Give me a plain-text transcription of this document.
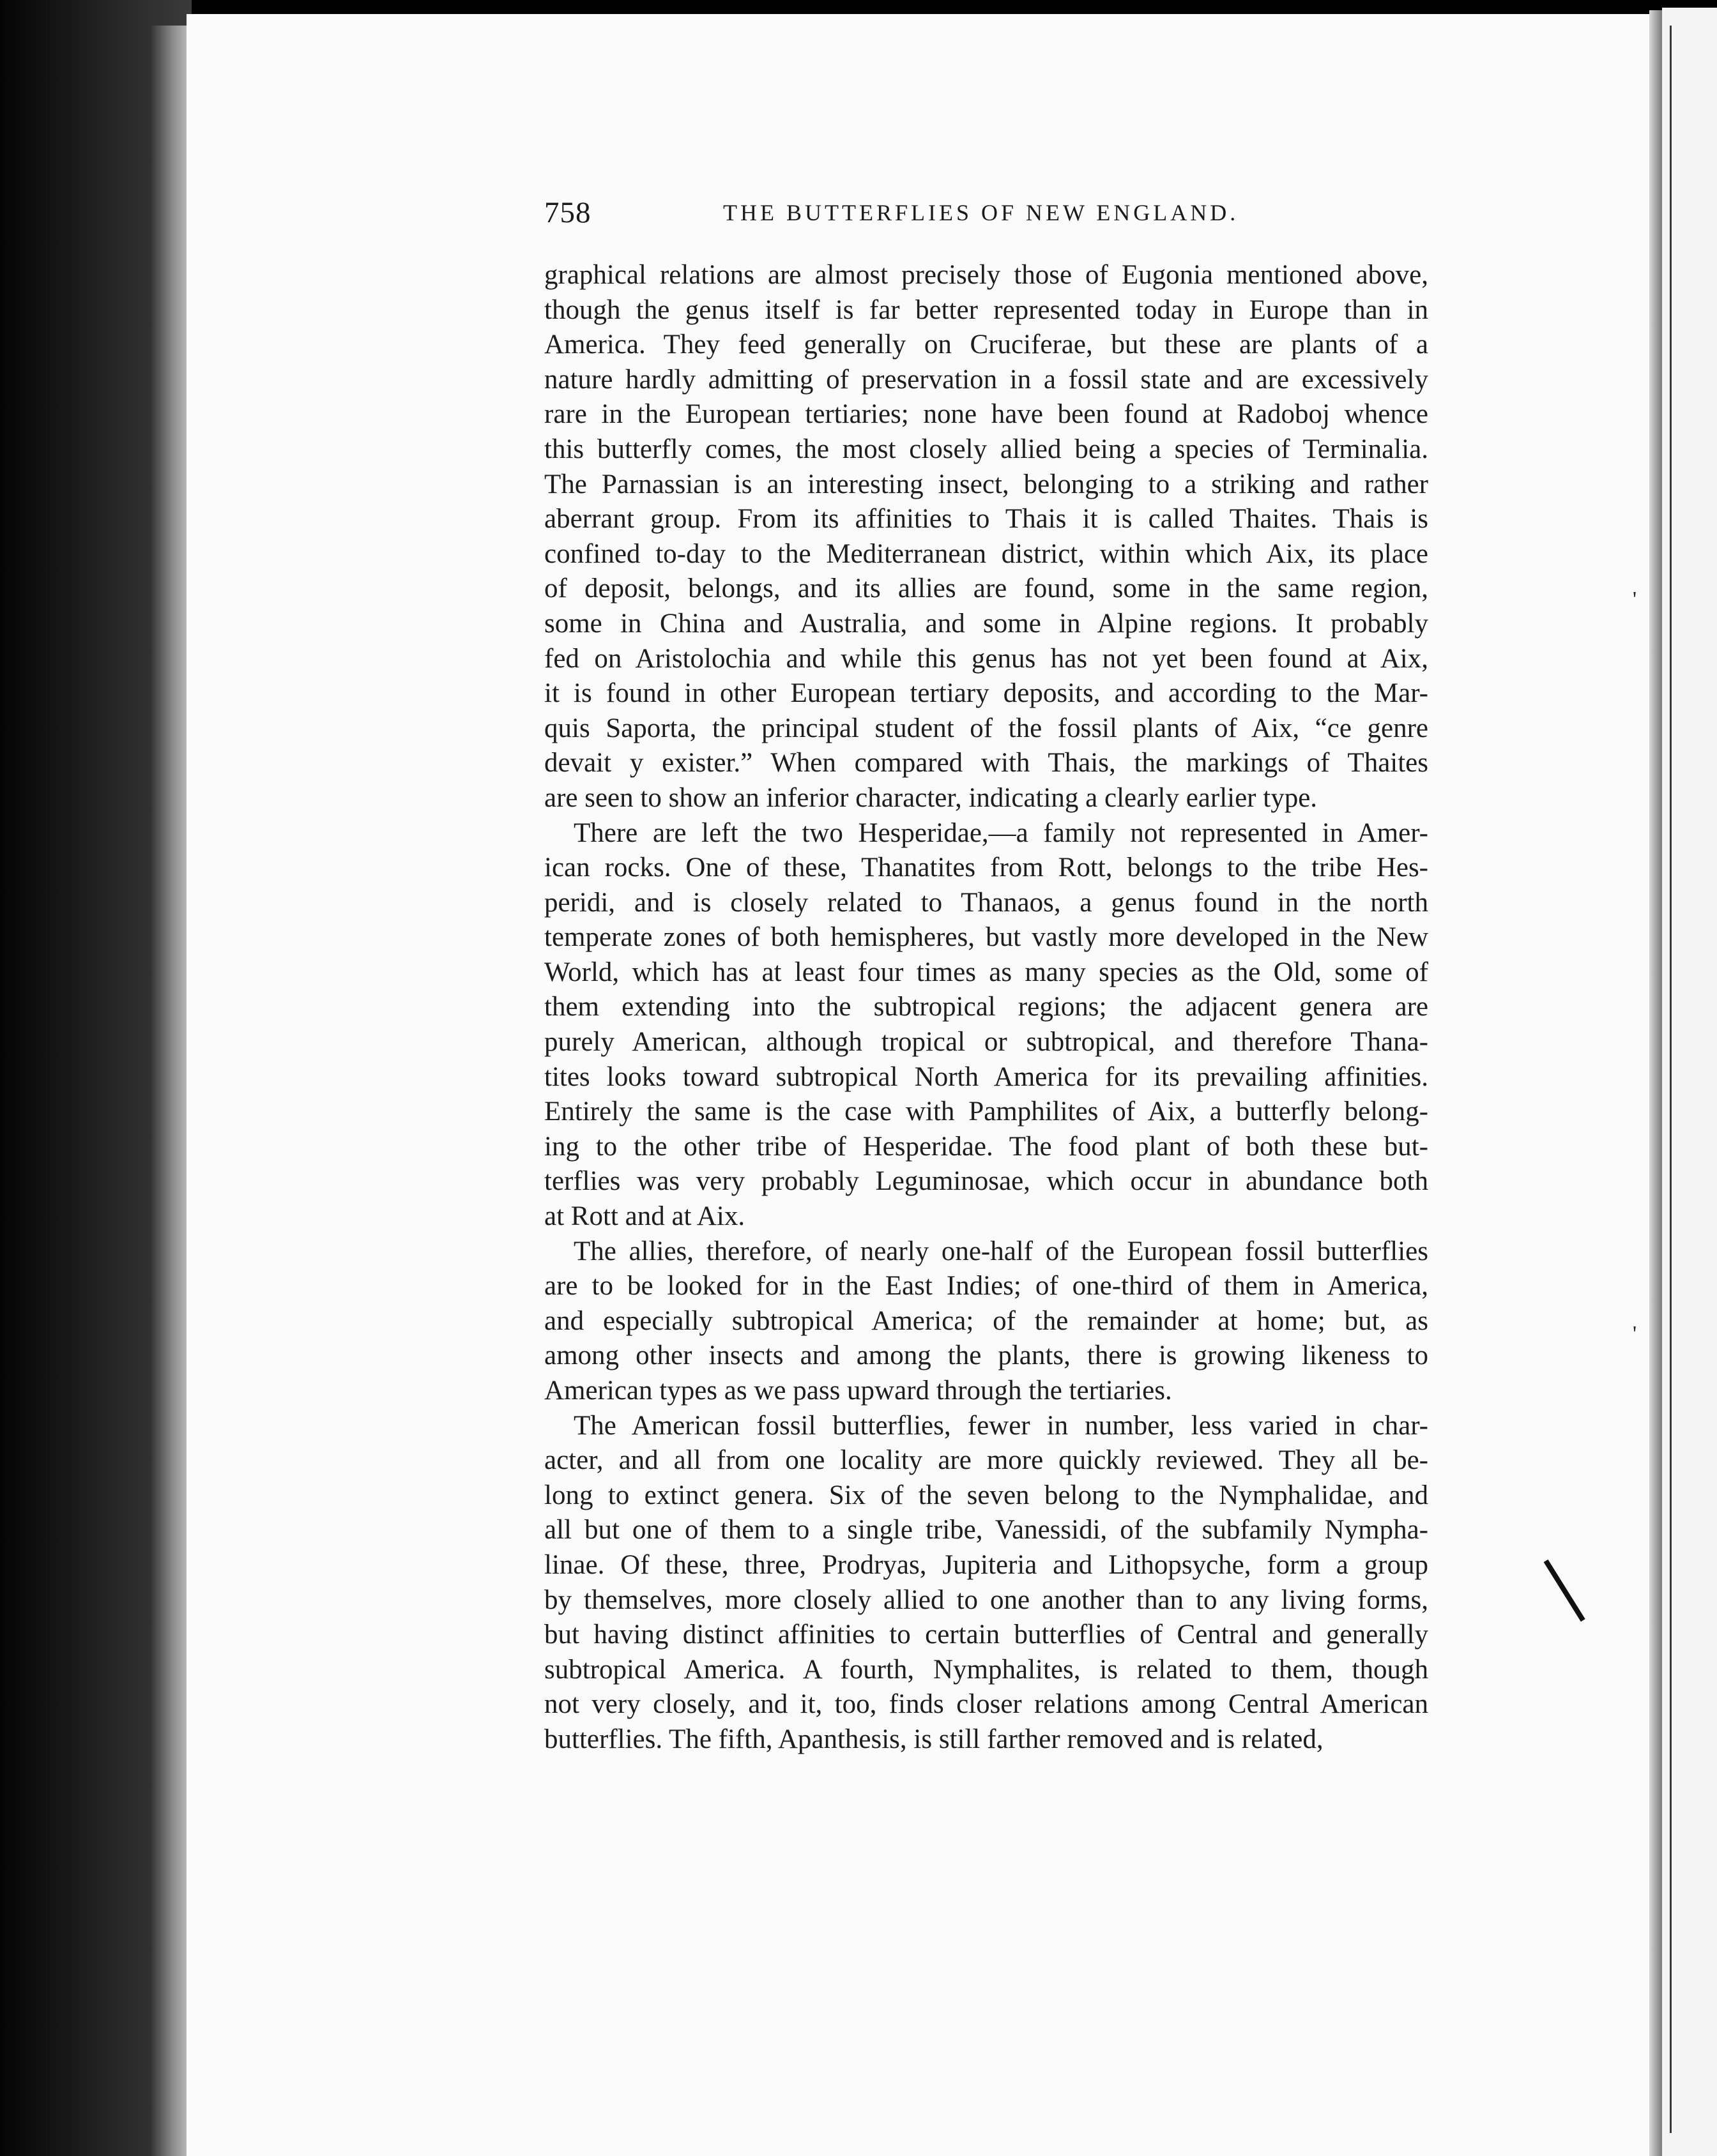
758	THE BUTTERFLIES OF NEW ENGLAND.
graphical relations are almost precisely those of Eugonia mentioned above,
though the genus itself is far better represented today in Europe than in
America. They feed generally on Cruciferae, but these are plants of a
nature hardly admitting of preservation in a fossil state and are excessively
rare in the European tertiaries; none have been found at Radoboj whence
this butterfly comes, the most closely allied being a species of Terminalia.
The Parnassian is an interesting insect, belonging to a striking and rather
aberrant group. From its affinities to Thais it is called Thaites. Thais is
confined to-day to the Mediterranean district, within which Aix, its place
of deposit, belongs, and its allies are found, some in the same region,
some in China and Australia, and some in Alpine regions. It probably
fed on Aristolochia and while this genus has not yet been found at Aix,
it is found in other European tertiary deposits, and according to the Mar-
quis Saporta, the principal student of the fossil plants of Aix, “ce genre
devait y exister.” When compared with Thais, the markings of Thaites
are seen to show an inferior character, indicating a clearly earlier type.
There are left the two Hesperidae,—a family not represented in Amer-
ican rocks. One of these, Thanatites from Rott, belongs to the tribe Hes-
peridi, and is closely related to Thanaos, a genus found in the north
temperate zones of both hemispheres, but vastly more developed in the New
World, which has at least four times as many species as the Old, some of
them extending into the subtropical regions; the adjacent genera are
purely American, although tropical or subtropical, and therefore Thana-
tites looks toward subtropical North America for its prevailing affinities.
Entirely the same is the case with Pamphilites of Aix, a butterfly belong-
ing to the other tribe of Hesperidae. The food plant of both these but-
terflies was very probably Leguminosae, which occur in abundance both
at Rott and at Aix.
The allies, therefore, of nearly one-half of the European fossil butterflies
are to be looked for in the East Indies; of one-third of them in America,
and especially subtropical America; of the remainder at home; but, as
among other insects and among the plants, there is growing likeness to
American types as we pass upward through the tertiaries.
The American fossil butterflies, fewer in number, less varied in char-
acter, and all from one locality are more quickly reviewed. They all be-
long to extinct genera. Six of the seven belong to the Nymphalidae, and
all but one of them to a single tribe, Vanessidi, of the subfamily Nympha-
linae. Of these, three, Prodryas, Jupiteria and Lithopsyche, form a group
by themselves, more closely allied to one another than to any living forms,
but having distinct affinities to certain butterflies of Central and generally
subtropical America. A fourth, Nymphalites, is related to them, though
not very closely, and it, too, finds closer relations among Central American
butterflies. The fifth, Apanthesis, is still farther removed and is related,
'
'
